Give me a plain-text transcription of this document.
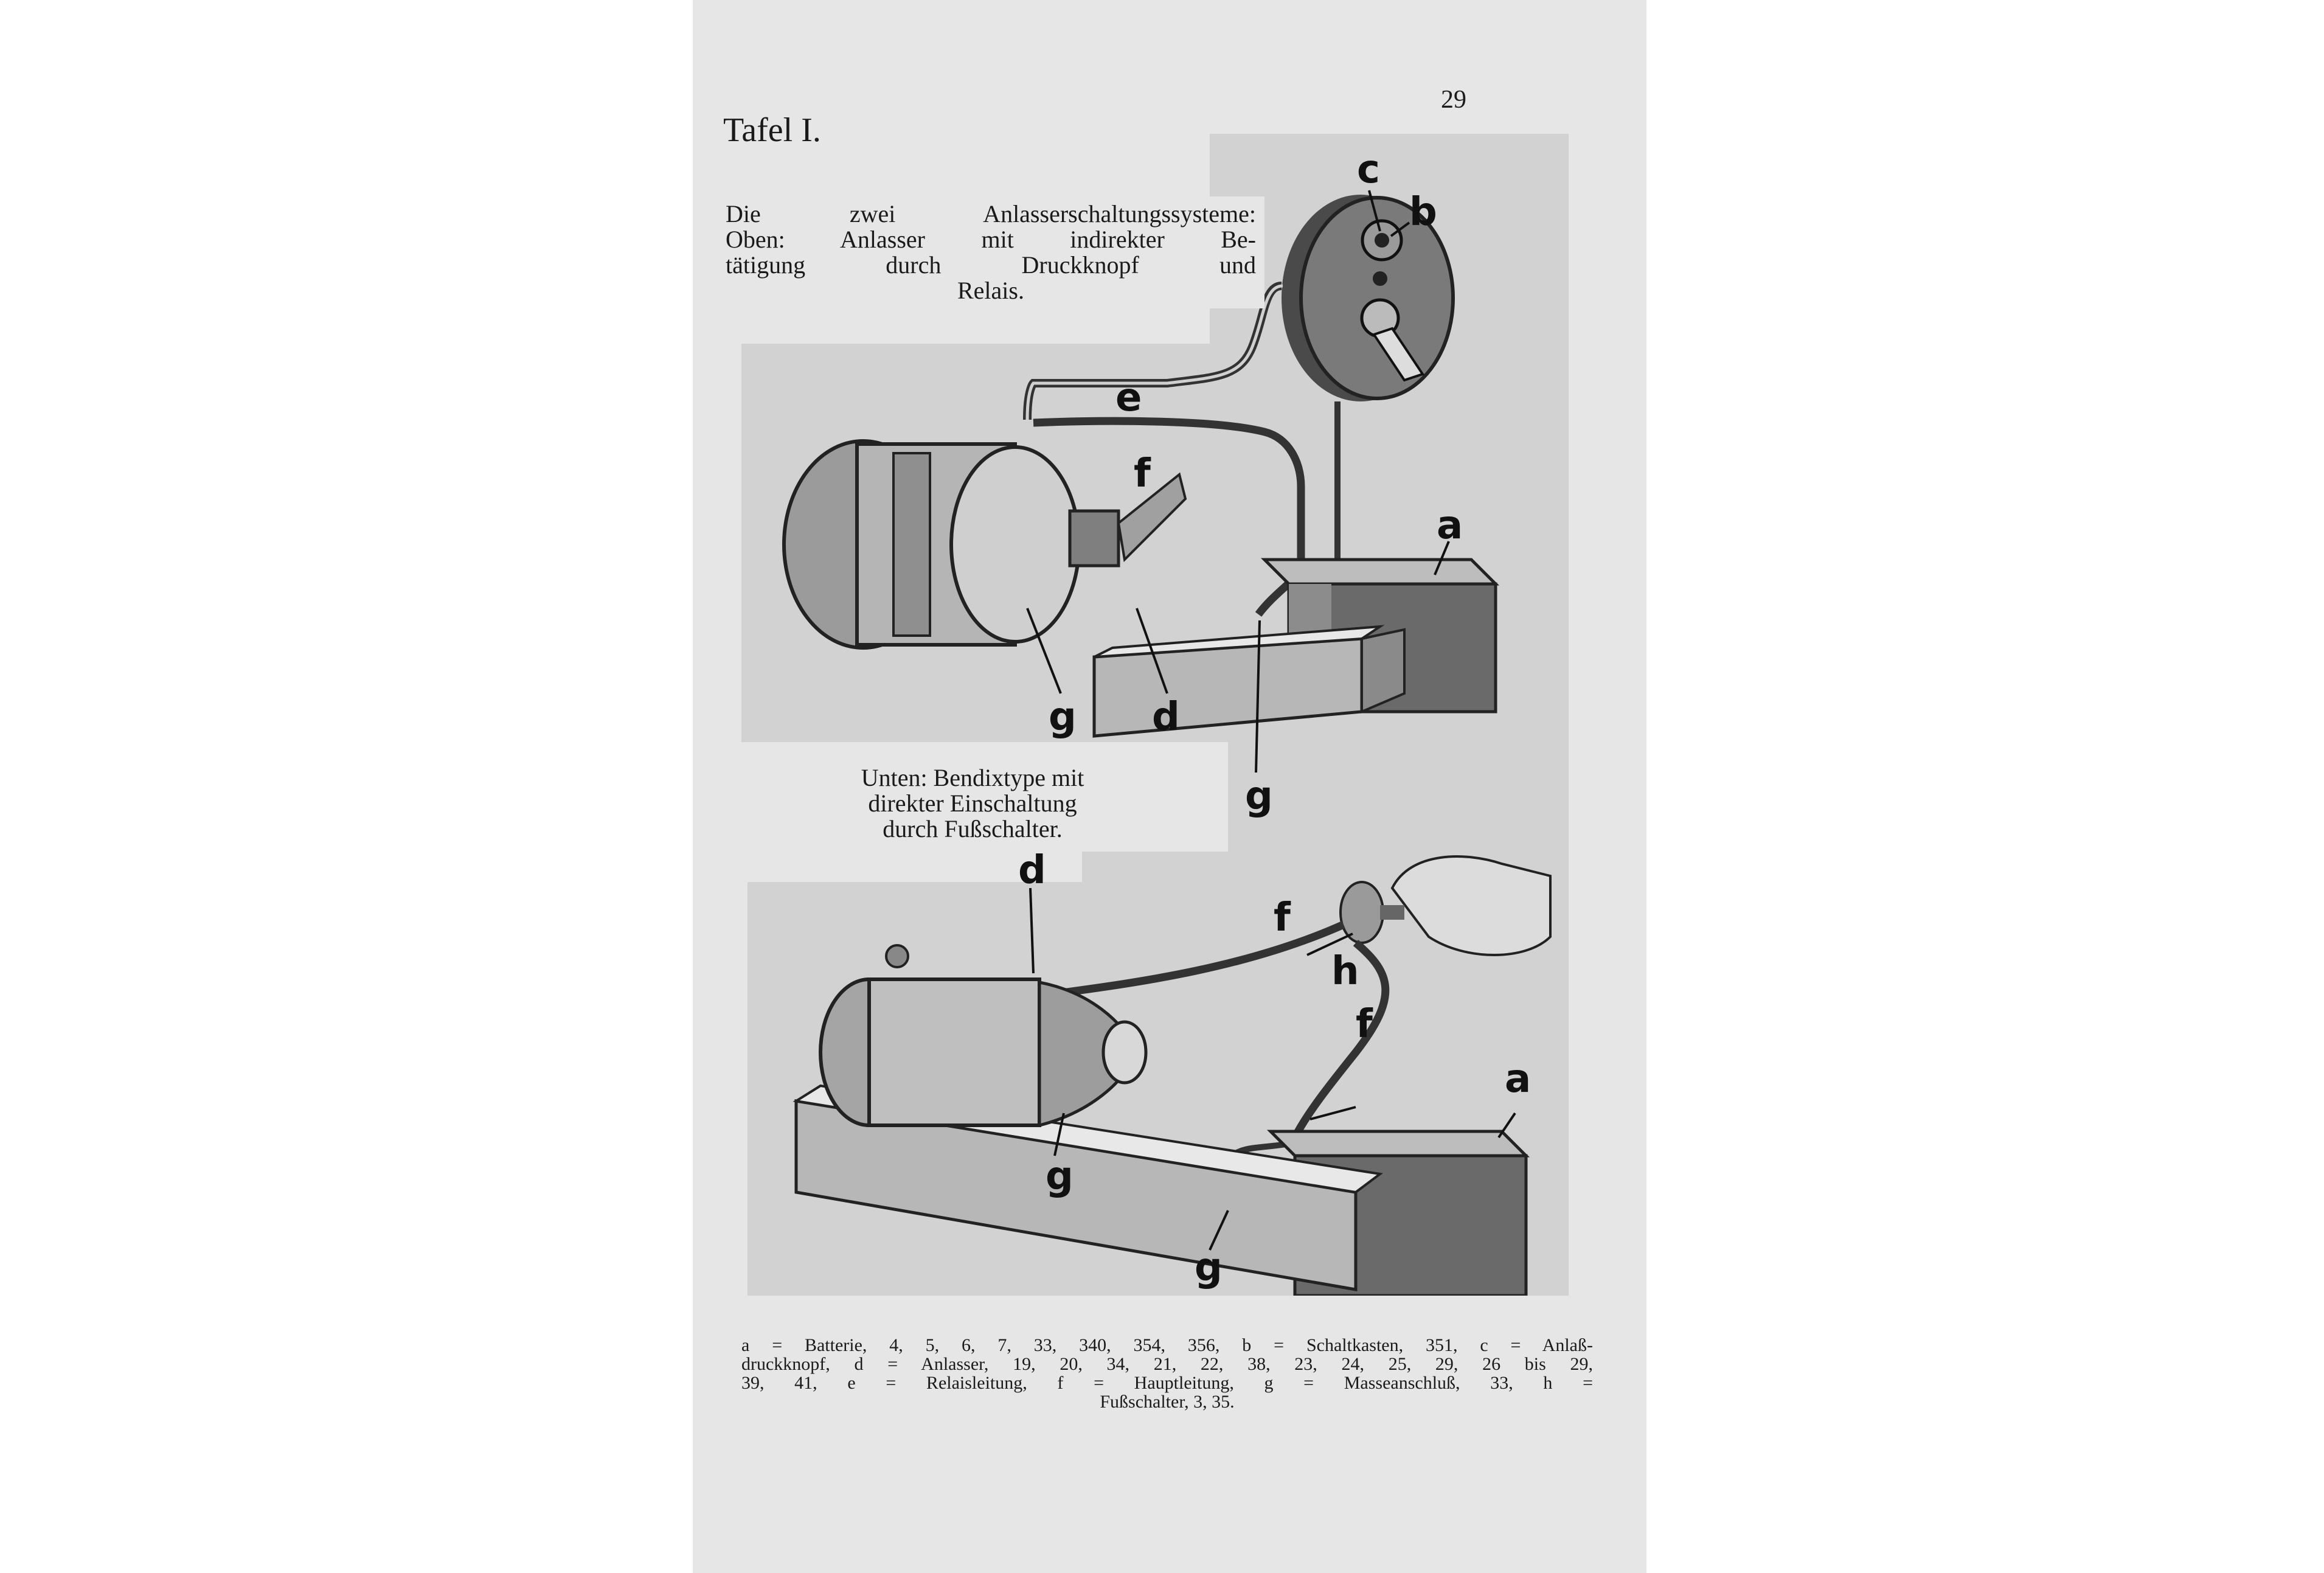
29
Tafel I.
c
b
e
f
a
g d
g
d
f
h
f
a
g
g
Die zwei Anlasserschaltungssysteme:
Oben: Anlasser mit indirekter Be-
tätigung durch Druckknopf und
Relais.
Unten: Bendixtype mit
direkter Einschaltung
durch Fußschalter.
a = Batterie, 4, 5, 6, 7, 33, 340, 354, 356, b = Schaltkasten, 351, c = Anlaß-
druckknopf, d = Anlasser, 19, 20, 34, 21, 22, 38, 23, 24, 25, 29, 26 bis 29,
39, 41, e = Relaisleitung, f = Hauptleitung, g = Masseanschluß, 33, h =
Fußschalter, 3, 35.
